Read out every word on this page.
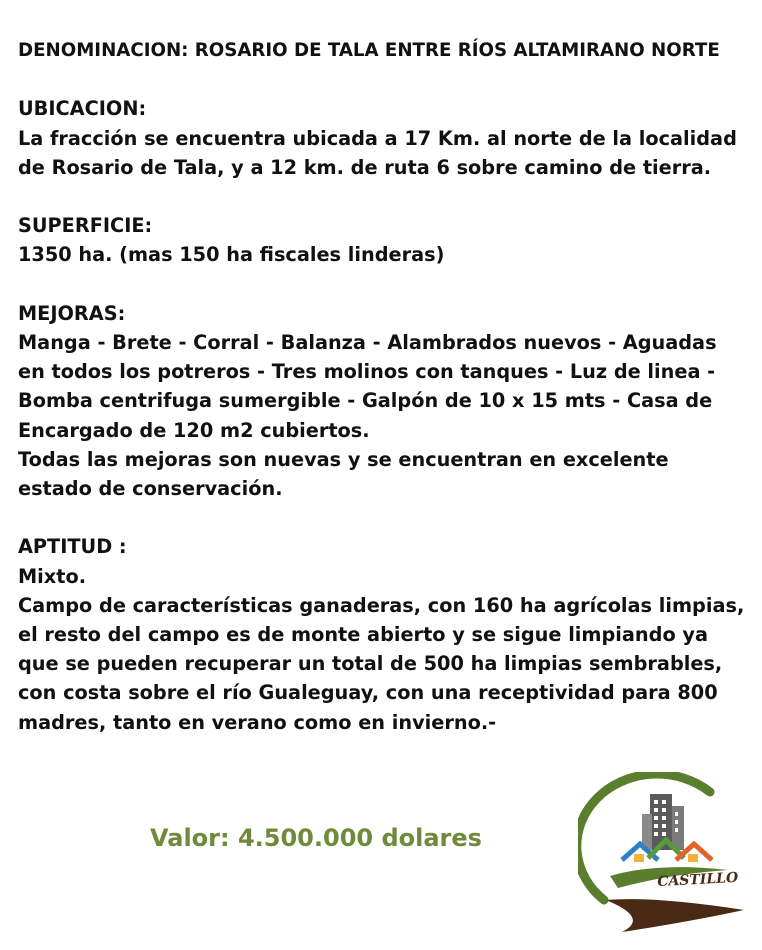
DENOMINACION: ROSARIO DE TALA ENTRE RÍOS ALTAMIRANO NORTE

UBICACION:
La fracción se encuentra ubicada a 17 Km. al norte de la localidad de Rosario de Tala, y a 12 km. de ruta 6 sobre camino de tierra.
SUPERFICIE:
1350 ha. (mas 150 ha fiscales linderas)
MEJORAS:
Manga - Brete - Corral - Balanza - Alambrados nuevos - Aguadas en todos los potreros - Tres molinos con tanques - Luz de linea - Bomba centrifuga sumergible - Galpón de 10 x 15 mts - Casa de Encargado de 120 m2 cubiertos.
Todas las mejoras son nuevas y se encuentran en excelente estado de conservación.
APTITUD :
Mixto.
Campo de características ganaderas, con 160 ha agrícolas limpias, el resto del campo es de monte abierto y se sigue limpiando ya que se pueden recuperar un total de 500 ha limpias sembrables, con costa sobre el río Gualeguay, con una receptividad para 800 madres, tanto en verano como en invierno.-
Valor: 4.500.000 dolares
CASTILLO
